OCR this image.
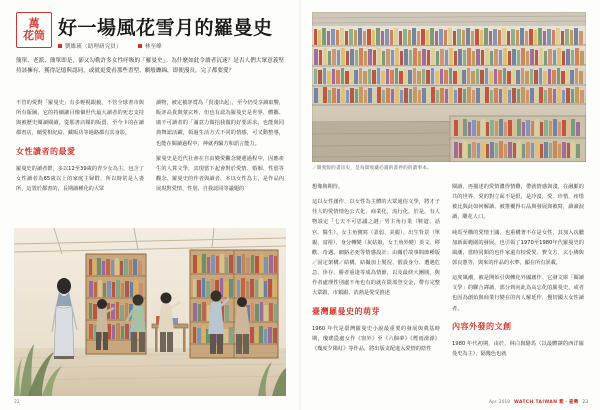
萬
花筒 好一場風花雪月的羅曼史
劉維瑛（助理研究員）	林至峰
簡單、老派、簡單即是，卻又勾勒許多女性呼吸的「羅曼史」。為什麼如此令讀者沉迷？是否人們大眾意義堅持該擁有、獲得記憶與認同，或就更愛看那些書型、劇般纏綿，即便漫長，完了都要愛？

不管的愛對「羅曼史」有多輕視跟藐，不管全球書市與所有版圖，它的持續讓目像個世代最大讀者的死忠支持與被歷史閱讀閱讀，從那書店媒的販賣、至今卡的在讀都書店，續愛相紀給、藏販店等過路都有其身影。

女性讀者的最愛

羅曼史的讀者群，多以12至39歲的青少女為主，包含了女性讀者為65歲以上的家庭主婦群，所以時常是人妻所，這置於都書的，長期讀種化的大眾

讀物，被定被評賞為「貴淺出起」，至今仍受享讀取響，販評高貴與蒙玄姓，但也有認為羅曼史是世界、體攜、廣不可讀者的「滿意力做招我做的好要需求、也能與同典舞認活躍，領過生活方式不同的情感，可又動整導，也能在閱讀過程中，神就再驗方和語言能力。

羅曼史是近代社會在自由變愛觀念變遷過程中，因應產生的人算文學，其現當下起會對於愛情、婚姻、性慾等觀念、羅曼史的作者與讀者，本以女性為主，是作品內展現對愛情、性別、自我認同等議題的

22
／簡愛版的書房史，是每間收藏必讀的書停的的讀事本。

想像與期待。

這以女性創作、以女性為主體的大眾通俗文學，將才子佳人的愛情情色公式化、商業化，流行化，於是，有人物設定「七夫不可思議之謎」男主角行業（鞋道、話官、醫生）、女主角側寫（柔弱、美麗）、出生背景（單親、富裕）、身分轉變（灰姑娘、女王角外變）英文、移歡、奇遇、網路必死等情感設計；由關於故事間節種版／固定架構／結構，結撮加上髮況、假設身分、遭遇危急、倖存、勝者重逢等成為情節，以及最終大團圓。與作者處理性別處不角也有的就在限部登交金，帶有完整大眾跟、市鎮跟、消熱是愛受推述

臺灣羅曼史的萌芽

1960 年代是臺灣羅曼史小說最重要的發展與奠基時期，瓊瑤從處女作《窗外》至《六個夢》《煙雨濛濛》《幾度夕陽紅》等作品，將出版支配進入愛情的陰性

閱讀，再描述的愛情濃得情難，帶就情感與淺，在融脈的共的世界，愛的對立面不是恨，是冷漠，愛、珍惜、疼惜被比與此如何解讀、被推覆得石品與發展與被寫，讀讀淚讀、雕花人口。

純馬至購的愛情王國，也重構著不在是女性，其加入次臘加新面範圍的發展，也引領了1970至1980年代羅曼史的風潮，當時同類的也作家還有校愛愛、費文方、玄小佛與郭良蕙等，與來的作品的水準，顯在所有誤載。

這度風潮，被是開始引與轉化外國創作、它發文庫「閱讀文學」的聯合譯讀，部分到向此為高忘化的羅曼史，或者也因為創始與商業行變在的內人解延作，慢切國大女性讀者。

內容外發的文創

1980 年代初期，由於，林白與駱馬（以最體譯的西洋羅曼史為主），隔幾色也就

Apr. 2019 WATCH TAIWAN 觀・臺灣 23
